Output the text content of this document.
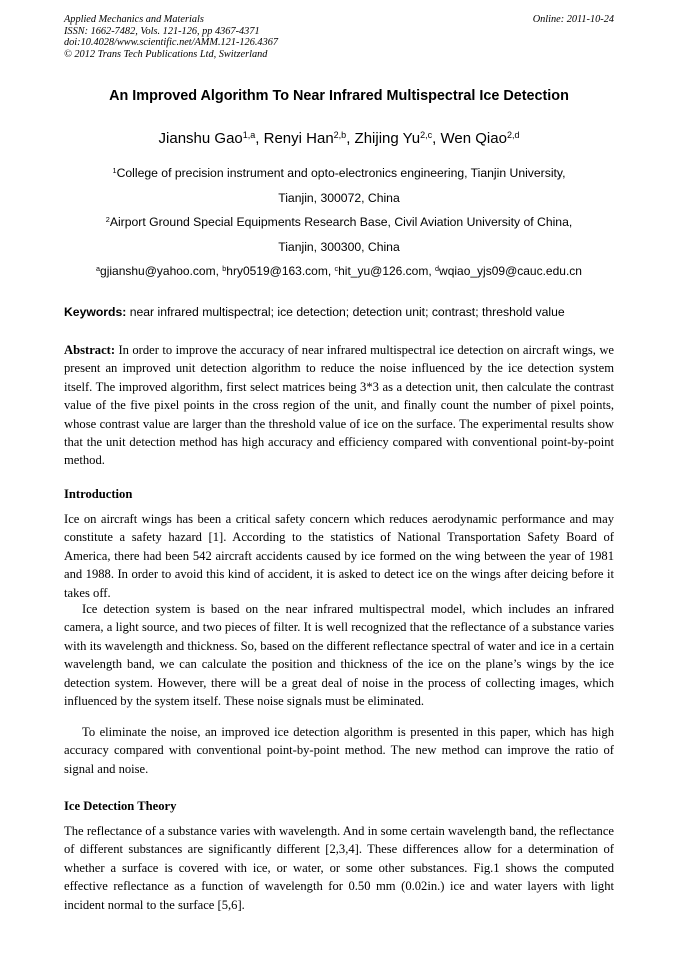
Applied Mechanics and Materials
ISSN: 1662-7482, Vols. 121-126, pp 4367-4371
doi:10.4028/www.scientific.net/AMM.121-126.4367
© 2012 Trans Tech Publications Ltd, Switzerland
Online: 2011-10-24
An Improved Algorithm To Near Infrared Multispectral Ice Detection
Jianshu Gao$^{1,a}$, Renyi Han$^{2,b}$, Zhijing Yu$^{2,c}$, Wen Qiao$^{2,d}$
$^1$College of precision instrument and opto-electronics engineering, Tianjin University,
Tianjin, 300072, China
$^2$Airport Ground Special Equipments Research Base, Civil Aviation University of China,
Tianjin, 300300, China
$^a$gjianshu@yahoo.com, $^b$hry0519@163.com, $^c$hit_yu@126.com, $^d$wqiao_yjs09@cauc.edu.cn
Keywords: near infrared multispectral; ice detection; detection unit; contrast; threshold value

Abstract: In order to improve the accuracy of near infrared multispectral ice detection on aircraft wings, we present an improved unit detection algorithm to reduce the noise influenced by the ice detection system itself. The improved algorithm, first select matrices being 3*3 as a detection unit, then calculate the contrast value of the five pixel points in the cross region of the unit, and finally count the number of pixel points, whose contrast value are larger than the threshold value of ice on the surface. The experimental results show that the unit detection method has high accuracy and efficiency compared with conventional point-by-point method.

Introduction

Ice on aircraft wings has been a critical safety concern which reduces aerodynamic performance and may constitute a safety hazard [1]. According to the statistics of National Transportation Safety Board of America, there had been 542 aircraft accidents caused by ice formed on the wing between the year of 1981 and 1988. In order to avoid this kind of accident, it is asked to detect ice on the wings after deicing before it takes off.

Ice detection system is based on the near infrared multispectral model, which includes an infrared camera, a light source, and two pieces of filter. It is well recognized that the reflectance of a substance varies with its wavelength and thickness. So, based on the different reflectance spectral of water and ice in a certain wavelength band, we can calculate the position and thickness of the ice on the plane’s wings by the ice detection system. However, there will be a great deal of noise in the process of collecting images, which influenced by the system itself. These noise signals must be eliminated.

To eliminate the noise, an improved ice detection algorithm is presented in this paper, which has high accuracy compared with conventional point-by-point method. The new method can improve the ratio of signal and noise.

Ice Detection Theory

The reflectance of a substance varies with wavelength. And in some certain wavelength band, the reflectance of different substances are significantly different [2,3,4]. These differences allow for a determination of whether a surface is covered with ice, or water, or some other substances. Fig.1 shows the computed effective reflectance as a function of wavelength for 0.50 mm (0.02in.) ice and water layers with light incident normal to the surface [5,6].
